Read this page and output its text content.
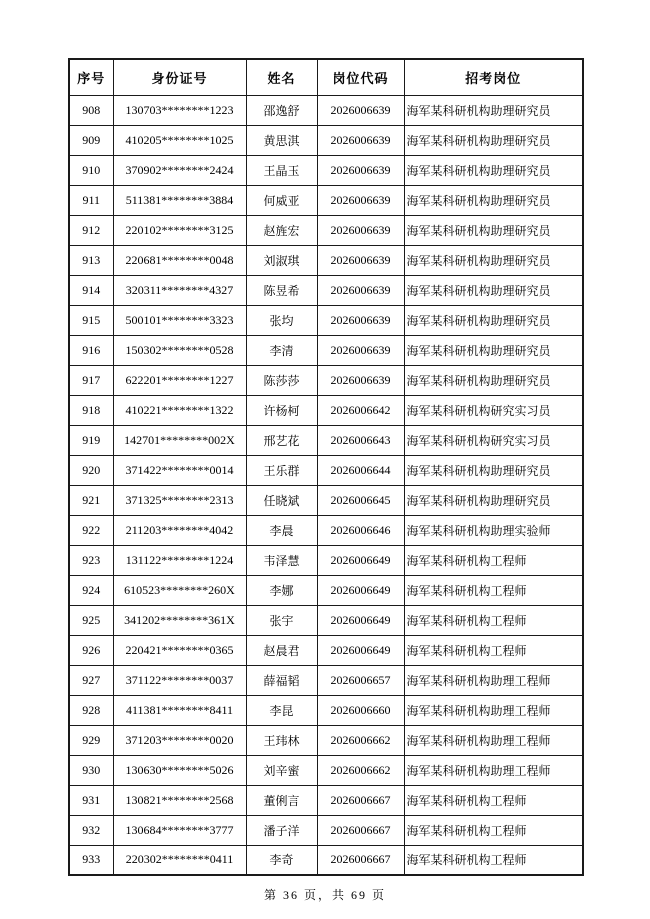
序号	身份证号	姓名	岗位代码	招考岗位
908	130703********1223	邵逸舒	2026006639	海军某科研机构助理研究员
909	410205********1025	黄思淇	2026006639	海军某科研机构助理研究员
910	370902********2424	王晶玉	2026006639	海军某科研机构助理研究员
911	511381********3884	何威亚	2026006639	海军某科研机构助理研究员
912	220102********3125	赵旌宏	2026006639	海军某科研机构助理研究员
913	220681********0048	刘淑琪	2026006639	海军某科研机构助理研究员
914	320311********4327	陈昱希	2026006639	海军某科研机构助理研究员
915	500101********3323	张均	2026006639	海军某科研机构助理研究员
916	150302********0528	李清	2026006639	海军某科研机构助理研究员
917	622201********1227	陈莎莎	2026006639	海军某科研机构助理研究员
918	410221********1322	许杨柯	2026006642	海军某科研机构研究实习员
919	142701********002X	邢艺花	2026006643	海军某科研机构研究实习员
920	371422********0014	王乐群	2026006644	海军某科研机构助理研究员
921	371325********2313	任晓斌	2026006645	海军某科研机构助理研究员
922	211203********4042	李晨	2026006646	海军某科研机构助理实验师
923	131122********1224	韦泽慧	2026006649	海军某科研机构工程师
924	610523********260X	李娜	2026006649	海军某科研机构工程师
925	341202********361X	张宇	2026006649	海军某科研机构工程师
926	220421********0365	赵晨君	2026006649	海军某科研机构工程师
927	371122********0037	薛福韬	2026006657	海军某科研机构助理工程师
928	411381********8411	李昆	2026006660	海军某科研机构助理工程师
929	371203********0020	王玮林	2026006662	海军某科研机构助理工程师
930	130630********5026	刘辛蜜	2026006662	海军某科研机构助理工程师
931	130821********2568	董俐言	2026006667	海军某科研机构工程师
932	130684********3777	潘子洋	2026006667	海军某科研机构工程师
933	220302********0411	李奇	2026006667	海军某科研机构工程师
第 36 页，共 69 页
